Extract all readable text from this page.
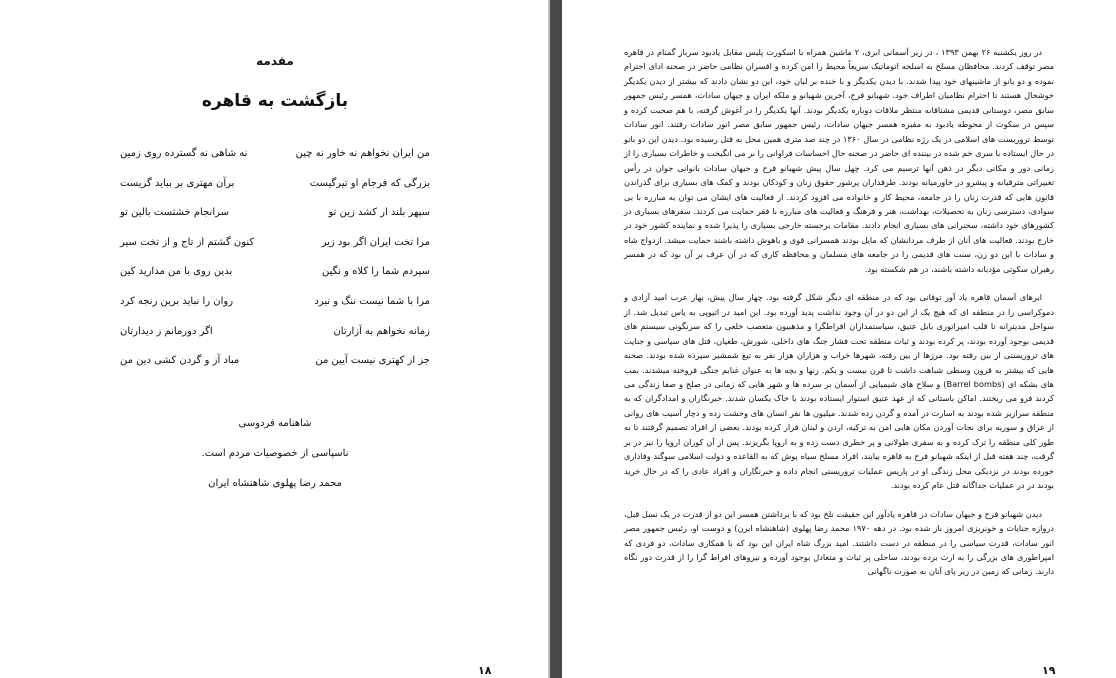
مقدمه
بازگشت به قاهره
من ایران نخواهم نه خاور نه چین
نه شاهی نه گسترده روی زمین
بزرگی که فرجام او تیرگیست
برآن مهتری بر بباید گریست
سپهر بلند ار کشد زین تو
سرانجام خشتست بالین تو
مرا تخت ایران اگر بود زیر
کنون گشتم از تاج و از تخت سیر
سپردم شما را کلاه و نگین
بدین روی با من مدارید کین
مرا با شما نیست ننگ و نبرد
روان را نباید برین رنجه کرد
زمانه نخواهم به آزارتان
اگر دورمانم ز دیدارتان
جز از کهتری نیست آیین من
مباد آز و گردن کشی دین من
شاهنامه فردوسی
ناسپاسی از خصوصیات مردم است.
محمد رضا پهلوی شاهنشاه ایران
۱۸

در روز یکشنبه ۲۶ بهمن ۱۳۹۳ ، در زیر آسمانی ابری، ۲ ماشین همراه با اسکورت پلیس مقابل یادبود سرباز گمنام در قاهره مصر توقف کردند. محافظان مسلح به اسلحه اتوماتیک سریعاً محیط را امن کرده و افسران نظامی حاضر در صحنه ادای احترام نموده و دو بانو از ماشینهای خود پیدا شدند. با دیدن یکدیگر و با خنده بر لبان خود، این دو نشان دادند که بیشتر از دیدن یکدیگر خوشحال هستند تا احترام نظامیان اطراف خود. شهبانو فرح، آخرین شهبانو و ملکه ایران و جیهان سادات، همسر رئیس جمهور سابق مصر، دوستانی قدیمی مشتاقانه منتظر ملاقات دوباره یکدیگر بودند. آنها یکدیگر را در آغوش گرفته، با هم صحبت کرده و سپس در سکوت از محوطه یادبود به مقبره همسر جیهان سادات، رئیس جمهور سابق مصر انور سادات رفتند. انور سادات توسط تروریست های اسلامی در یک رژه نظامی در سال ۱۳۶۰ در چند صد متری همین محل به قتل رسیده بود. دیدن این دو بانو در حال ایستاده با سری خم شده در بیننده ای حاضر در صحنه حال احساسات فراوانی را بر می انگیخت و خاطرات بسیاری را از زمانی دور و مکانی دیگر در ذهن آنها ترسیم می کرد. چهل سال پیش شهبانو فرح و جیهان سادات بانوانی جوان در رأس تغییراتی مترقیانه و پیشرو در خاورمیانه بودند. طرفداران پرشور حقوق زنان و کودکان بودند و کمک های بسیاری برای گذراندن قانون هایی که قدرت زنان را در جامعه، محیط کار و خانواده می افزود کردند. از فعالیت های ایشان می توان به مبارزه با بی سوادی، دسترسی زنان به تحصیلات، بهداشت، هنر و فرهنگ و فعالیت های مبارزه با فقر حمایت می کردند. سفرهای بسیاری در کشورهای خود داشته، سخنرانی های بسیاری انجام دادند. مقامات برجسته خارجی بسیاری را پذیرا شده و نماینده کشور خود در خارج بودند. فعالیت های آنان از طرف مردانشان که مایل بودند همسرانی قوی و باهوش داشته باشند حمایت میشد. ازدواج شاه و سادات با این دو زن، سنت های قدیمی را در جامعه های مسلمان و محافظه کاری که در آن عرف بر آن بود که در همسر رهبران سکوتی مؤدبانه داشته باشند، در هم شکسته بود.

ابرهای آسمان قاهره یاد آور توفانی بود که در منطقه ای دیگر شکل گرفته بود. چهار سال پیش، بهار عرب امید آزادی و دموکراسی را در منطقه ای که هیچ یک از این دو در آن وجود نداشت پدید آورده بود. این امید در اتیوپی به یاس تبدیل شد. از سواحل مدیترانه تا قلب امپراتوری بابل عتیق، سیاستمداران افراطگرا و مذهبیون متعصب خلعی را که سرنگونی سیستم های قدیمی بوجود آورده بودند، پر کرده بودند و ثبات منطقه تحت فشار جنگ های داخلی، شورش، طغیان، قتل های سیاسی و جنایت های تروریستی از بین رفته بود. مرزها از بین رفته، شهرها خراب و هزاران هزار نفر به تیغ شمشیر سپرده شده بودند. صحنه هایی که بیشتر به قرون وسطی شباهت داشت تا قرن بیست و یکم. زنها و بچه ها به عنوان غنایم جنگی فروخته میشدند. بمب های بشکه ای (Barrel bombs) و سلاح های شیمیایی از آسمان بر سرده ها و شهر هایی که زمانی در صلح و صفا زندگی می کردند فرو می ریختند. اماکن باستانی که از عهد عتیق استوار ایستاده بودند با خاک یکسان شدند. خبرنگاران و امدادگران که به منطقه سرازیر شده بودند به اسارت در آمده و گردن زده شدند. میلیون ها نفر انسان های وحشت زده و دچار آسیب های روانی از عراق و سوریه برای نجات آوردن مکان هایی امن به ترکیه، اردن و لبنان فرار کرده بودند. بعضی از افراد تصمیم گرفتند تا به طور کلی منطقه را ترک کرده و به سفری طولانی و پر خطری دست زده و به اروپا بگریزند. پس از آن کوران اروپا را نیز در بر گرفت، چند هفته قبل از اینکه شهبانو فرح به قاهره بیایند، افراد مسلح سیاه پوش که به القاعده و دولت اسلامی سوگند وفاداری خورده بودند در نزدیکی محل زندگی او در پاریس عملیات تروریستی انجام داده و خبرنگاران و افراد عادی را که در حال خرید بودند در در عملیات جداگانه قتل عام کرده بودند.

دیدن شهبانو فرح و جیهان سادات در قاهره یادآور این حقیقت تلخ بود که با برداشتن همسر این دو از قدرت در یک نسل قبل، دروازه جنایات و خونریزی امروز باز شده بود. در دهه ۱۹۷۰ محمد رضا پهلوی (شاهنشاه ایرن) و دوست او، رئیس جمهور مصر انور سادات، قدرت سیاسی را در منطقه در دست داشتند. امید بزرگ شاه ایران این بود که با همکاری سادات، دو فردی که امپراطوری های بزرگی را به ارث برده بودند، ساحلی پر ثبات و متعادل بوجود آورده و نیروهای افراط گرا را از قدرت دور نگاه دارند. زمانی که زمین در زیر پای آنان به صورت ناگهانی

۱۹
